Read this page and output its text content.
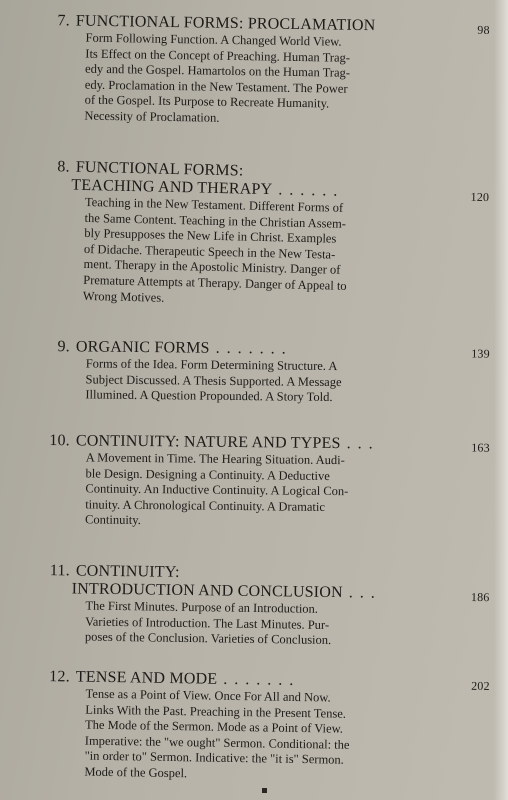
7. FUNCTIONAL FORMS: PROCLAMATION	98
Form Following Function. A Changed World View.
Its Effect on the Concept of Preaching. Human Trag-
edy and the Gospel. Hamartolos on the Human Trag-
edy. Proclamation in the New Testament. The Power
of the Gospel. Its Purpose to Recreate Humanity.
Necessity of Proclamation.
8. FUNCTIONAL FORMS:
TEACHING AND THERAPY ......	120
Teaching in the New Testament. Different Forms of
the Same Content. Teaching in the Christian Assem-
bly Presupposes the New Life in Christ. Examples
of Didache. Therapeutic Speech in the New Testa-
ment. Therapy in the Apostolic Ministry. Danger of
Premature Attempts at Therapy. Danger of Appeal to
Wrong Motives.
9. ORGANIC FORMS .......	139
Forms of the Idea. Form Determining Structure. A
Subject Discussed. A Thesis Supported. A Message
Illumined. A Question Propounded. A Story Told.
10. CONTINUITY: NATURE AND TYPES ...	163
A Movement in Time. The Hearing Situation. Audi-
ble Design. Designing a Continuity. A Deductive
Continuity. An Inductive Continuity. A Logical Con-
tinuity. A Chronological Continuity. A Dramatic
Continuity.
11. CONTINUITY:
INTRODUCTION AND CONCLUSION ...	186
The First Minutes. Purpose of an Introduction.
Varieties of Introduction. The Last Minutes. Pur-
poses of the Conclusion. Varieties of Conclusion.
12. TENSE AND MODE .......	202
Tense as a Point of View. Once For All and Now.
Links With the Past. Preaching in the Present Tense.
The Mode of the Sermon. Mode as a Point of View.
Imperative: the "we ought" Sermon. Conditional: the
"in order to" Sermon. Indicative: the "it is" Sermon.
Mode of the Gospel.
